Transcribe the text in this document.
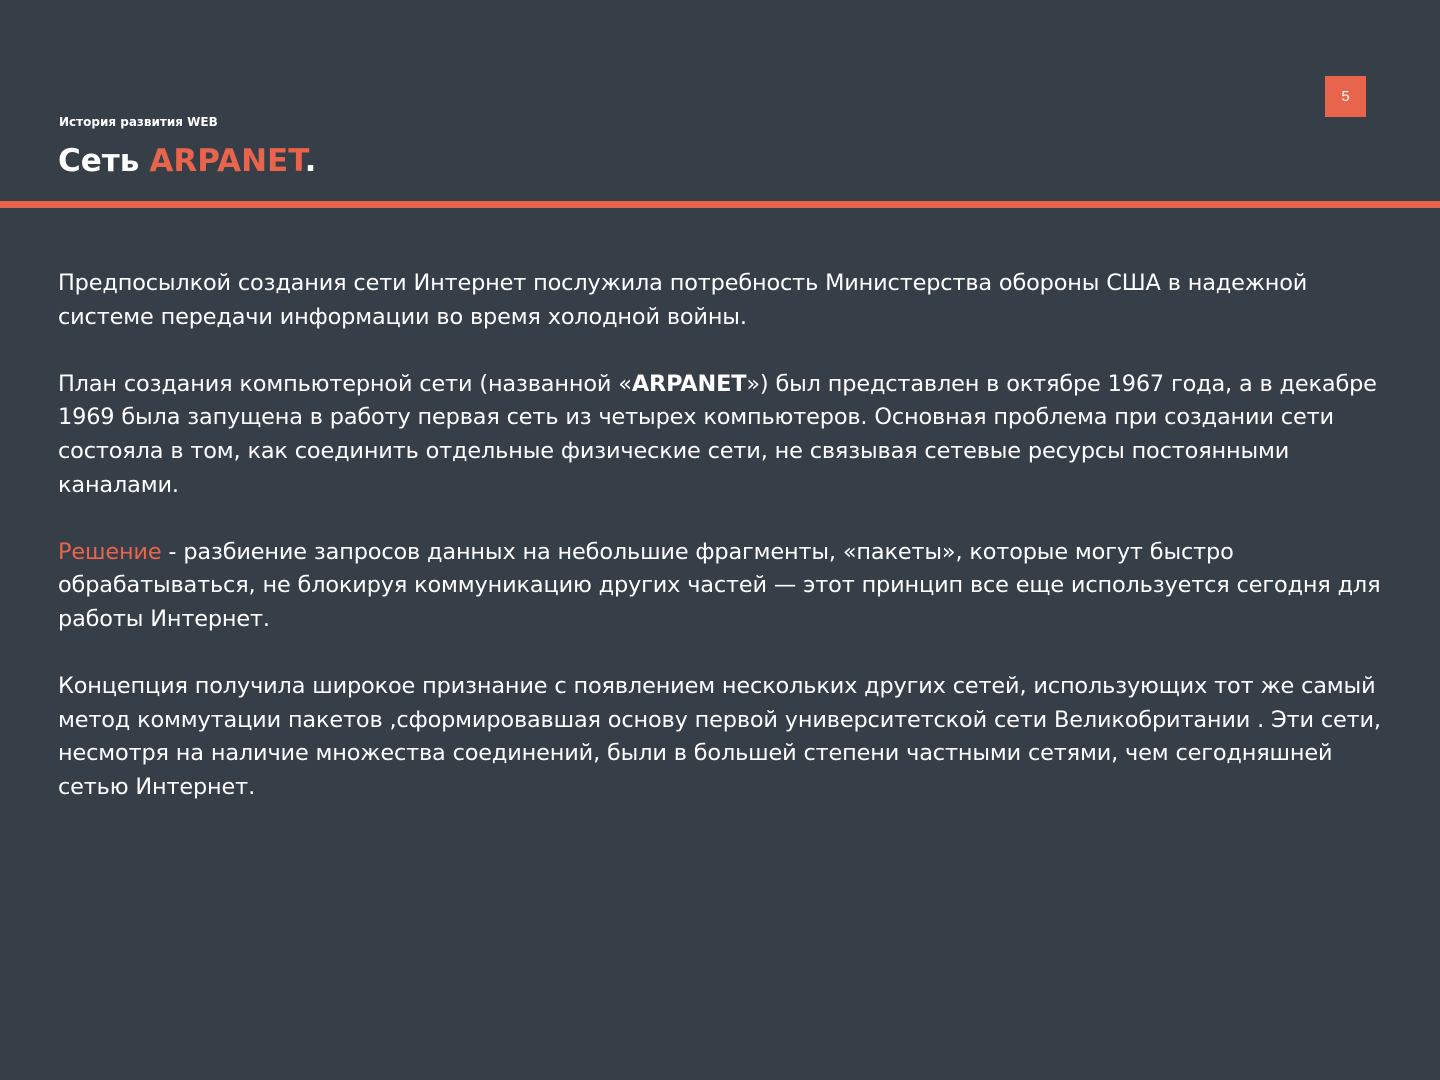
5
История развития WEB
Сеть ARPANET.

Предпосылкой создания сети Интернет послужила потребность Министерства обороны США в надежной системе передачи информации во время холодной войны.

План создания компьютерной сети (названной «ARPANET») был представлен в октябре 1967 года, а в декабре 1969 была запущена в работу первая сеть из четырех компьютеров. Основная проблема при создании сети состояла в том, как соединить отдельные физические сети, не связывая сетевые ресурсы постоянными каналами.

Решение - разбиение запросов данных на небольшие фрагменты, «пакеты», которые могут быстро обрабатываться, не блокируя коммуникацию других частей — этот принцип все еще используется сегодня для работы Интернет.

Концепция получила широкое признание с появлением нескольких других сетей, использующих тот же самый метод коммутации пакетов ,сформировавшая основу первой университетской сети Великобритании . Эти сети, несмотря на наличие множества соединений, были в большей степени частными сетями, чем сегодняшней сетью Интернет.
